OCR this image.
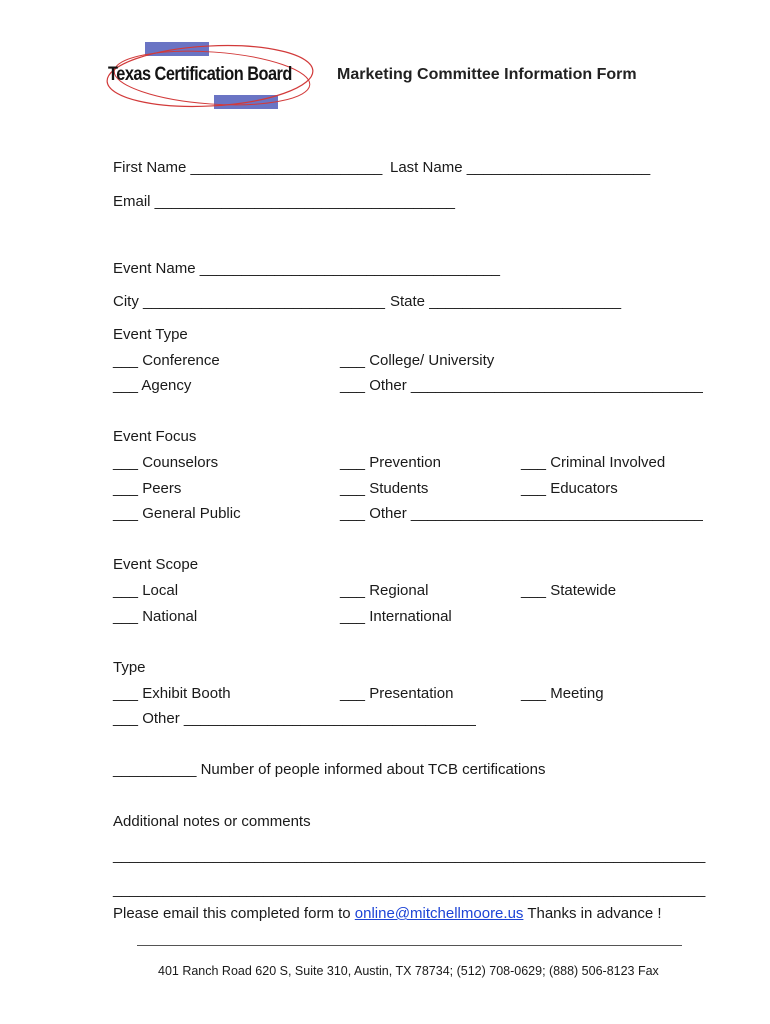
Texas Certification Board	Marketing Committee Information Form
First Name _______________________ Last Name ______________________
Email ____________________________________
Event Name ____________________________________
City _____________________________ State _______________________
Event Type
___ Conference	___ College/ University
___ Agency	___ Other ___________________________________
Event Focus
___ Counselors	___ Prevention	___ Criminal Involved
___ Peers	___ Students	___ Educators
___ General Public	___ Other ___________________________________
Event Scope
___ Local	___ Regional	___ Statewide
___ National	___ International
Type
___ Exhibit Booth	___ Presentation	___ Meeting
___ Other ___________________________________
__________ Number of people informed about TCB certifications
Additional notes or comments
_______________________________________________________________________
_______________________________________________________________________
Please email this completed form to online@mitchellmoore.us Thanks in advance !
401 Ranch Road 620 S, Suite 310, Austin, TX 78734; (512) 708-0629; (888) 506-8123 Fax
